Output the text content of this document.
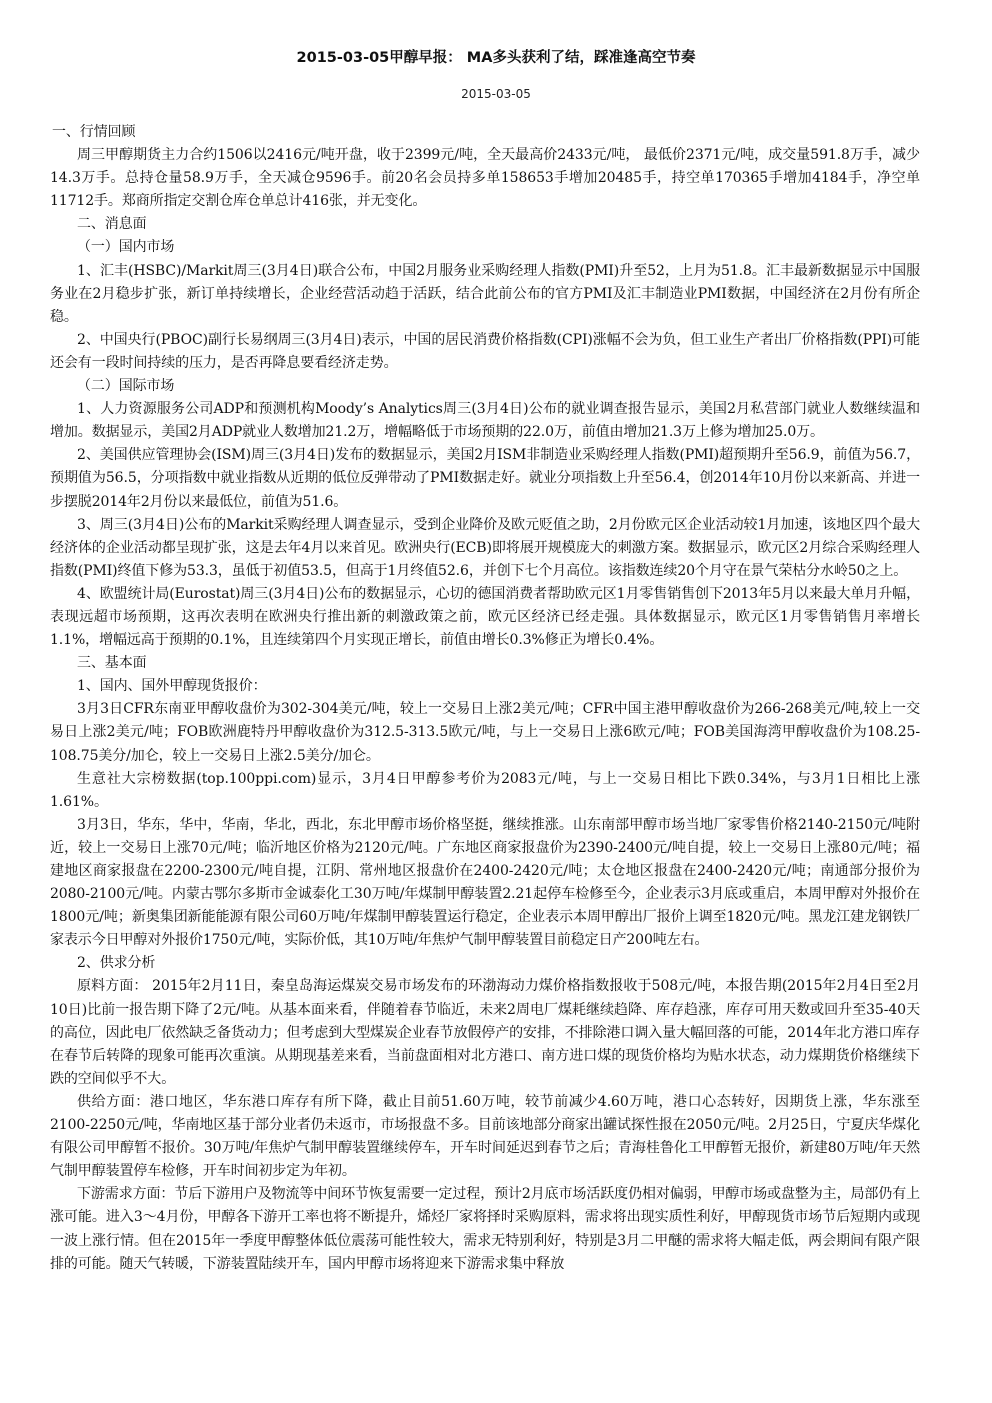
2015-03-05甲醇早报： MA多头获利了结，踩准逢高空节奏
2015-03-05

一、行情回顾

周三甲醇期货主力合约1506以2416元/吨开盘，收于2399元/吨，全天最高价2433元/吨， 最低价2371元/吨，成交量591.8万手，减少14.3万手。总持仓量58.9万手，全天减仓9596手。前20名会员持多单158653手增加20485手，持空单170365手增加4184手，净空单11712手。郑商所指定交割仓库仓单总计416张，并无变化。

二、消息面

（一）国内市场

1、汇丰(HSBC)/Markit周三(3月4日)联合公布，中国2月服务业采购经理人指数(PMI)升至52，上月为51.8。汇丰最新数据显示中国服务业在2月稳步扩张，新订单持续增长，企业经营活动趋于活跃，结合此前公布的官方PMI及汇丰制造业PMI数据，中国经济在2月份有所企稳。

2、中国央行(PBOC)副行长易纲周三(3月4日)表示，中国的居民消费价格指数(CPI)涨幅不会为负，但工业生产者出厂价格指数(PPI)可能还会有一段时间持续的压力，是否再降息要看经济走势。

（二）国际市场

1、人力资源服务公司ADP和预测机构Moody’s Analytics周三(3月4日)公布的就业调查报告显示，美国2月私营部门就业人数继续温和增加。数据显示，美国2月ADP就业人数增加21.2万，增幅略低于市场预期的22.0万，前值由增加21.3万上修为增加25.0万。

2、美国供应管理协会(ISM)周三(3月4日)发布的数据显示，美国2月ISM非制造业采购经理人指数(PMI)超预期升至56.9，前值为56.7，预期值为56.5，分项指数中就业指数从近期的低位反弹带动了PMI数据走好。就业分项指数上升至56.4，创2014年10月份以来新高、并进一步摆脱2014年2月份以来最低位，前值为51.6。

3、周三(3月4日)公布的Markit采购经理人调查显示，受到企业降价及欧元贬值之助，2月份欧元区企业活动较1月加速，该地区四个最大经济体的企业活动都呈现扩张，这是去年4月以来首见。欧洲央行(ECB)即将展开规模庞大的刺激方案。数据显示，欧元区2月综合采购经理人指数(PMI)终值下修为53.3，虽低于初值53.5，但高于1月终值52.6，并创下七个月高位。该指数连续20个月守在景气荣枯分水岭50之上。

4、欧盟统计局(Eurostat)周三(3月4日)公布的数据显示，心切的德国消费者帮助欧元区1月零售销售创下2013年5月以来最大单月升幅，表现远超市场预期，这再次表明在欧洲央行推出新的刺激政策之前，欧元区经济已经走强。具体数据显示，欧元区1月零售销售月率增长1.1%，增幅远高于预期的0.1%，且连续第四个月实现正增长，前值由增长0.3%修正为增长0.4%。

三、基本面

1、国内、国外甲醇现货报价：

3月3日CFR东南亚甲醇收盘价为302-304美元/吨，较上一交易日上涨2美元/吨；CFR中国主港甲醇收盘价为266-268美元/吨,较上一交易日上涨2美元/吨；FOB欧洲鹿特丹甲醇收盘价为312.5-313.5欧元/吨，与上一交易日上涨6欧元/吨；FOB美国海湾甲醇收盘价为108.25-108.75美分/加仑，较上一交易日上涨2.5美分/加仑。

生意社大宗榜数据(top.100ppi.com)显示，3月4日甲醇参考价为2083元/吨，与上一交易日相比下跌0.34%，与3月1日相比上涨1.61%。

3月3日，华东，华中，华南，华北，西北，东北甲醇市场价格坚挺，继续推涨。山东南部甲醇市场当地厂家零售价格2140-2150元/吨附近，较上一交易日上涨70元/吨；临沂地区价格为2120元/吨。广东地区商家报盘价为2390-2400元/吨自提，较上一交易日上涨80元/吨；福建地区商家报盘在2200-2300元/吨自提，江阴、常州地区报盘价在2400-2420元/吨；太仓地区报盘在2400-2420元/吨；南通部分报价为2080-2100元/吨。内蒙古鄂尔多斯市金诚泰化工30万吨/年煤制甲醇装置2.21起停车检修至今，企业表示3月底或重启，本周甲醇对外报价在1800元/吨；新奥集团新能能源有限公司60万吨/年煤制甲醇装置运行稳定，企业表示本周甲醇出厂报价上调至1820元/吨。黑龙江建龙钢铁厂家表示今日甲醇对外报价1750元/吨，实际价低，其10万吨/年焦炉气制甲醇装置目前稳定日产200吨左右。

2、供求分析

原料方面： 2015年2月11日，秦皇岛海运煤炭交易市场发布的环渤海动力煤价格指数报收于508元/吨，本报告期(2015年2月4日至2月10日)比前一报告期下降了2元/吨。从基本面来看，伴随着春节临近，未来2周电厂煤耗继续趋降、库存趋涨，库存可用天数或回升至35-40天的高位，因此电厂依然缺乏备货动力；但考虑到大型煤炭企业春节放假停产的安排，不排除港口调入量大幅回落的可能，2014年北方港口库存在春节后转降的现象可能再次重演。从期现基差来看，当前盘面相对北方港口、南方进口煤的现货价格均为贴水状态，动力煤期货价格继续下跌的空间似乎不大。

供给方面：港口地区，华东港口库存有所下降，截止目前51.60万吨，较节前减少4.60万吨，港口心态转好，因期货上涨，华东涨至2100-2250元/吨，华南地区基于部分业者仍未返市，市场报盘不多。目前该地部分商家出罐试探性报在2050元/吨。2月25日，宁夏庆华煤化有限公司甲醇暂不报价。30万吨/年焦炉气制甲醇装置继续停车，开车时间延迟到春节之后；青海桂鲁化工甲醇暂无报价，新建80万吨/年天然气制甲醇装置停车检修，开车时间初步定为年初。

下游需求方面：节后下游用户及物流等中间环节恢复需要一定过程，预计2月底市场活跃度仍相对偏弱，甲醇市场或盘整为主，局部仍有上涨可能。进入3～4月份，甲醇各下游开工率也将不断提升，烯烃厂家将择时采购原料，需求将出现实质性利好，甲醇现货市场节后短期内或现一波上涨行情。但在2015年一季度甲醇整体低位震荡可能性较大，需求无特别利好，特别是3月二甲醚的需求将大幅走低，两会期间有限产限排的可能。随天气转暖，下游装置陆续开车，国内甲醇市场将迎来下游需求集中释放
